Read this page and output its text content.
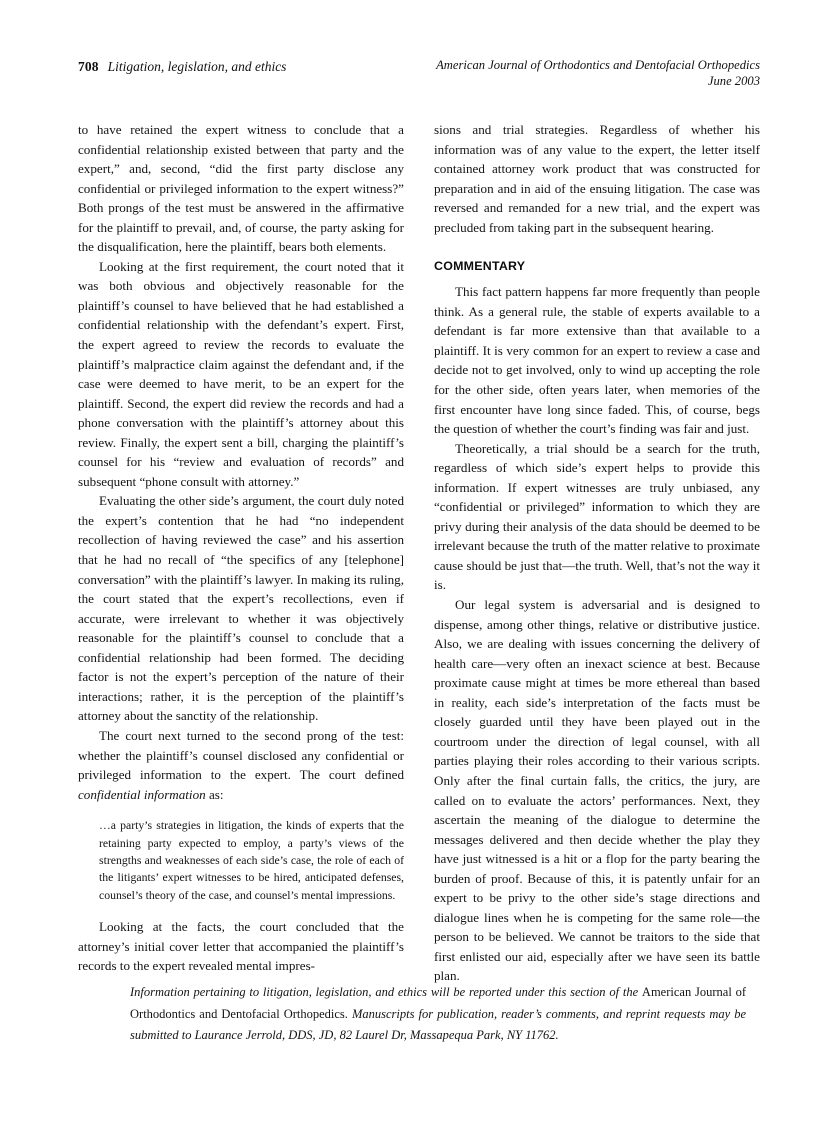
708 Litigation, legislation, and ethics	American Journal of Orthodontics and Dentofacial Orthopedics
June 2003

to have retained the expert witness to conclude that a confidential relationship existed between that party and the expert,” and, second, “did the first party disclose any confidential or privileged information to the expert witness?” Both prongs of the test must be answered in the affirmative for the plaintiff to prevail, and, of course, the party asking for the disqualification, here the plaintiff, bears both elements.

Looking at the first requirement, the court noted that it was both obvious and objectively reasonable for the plaintiff’s counsel to have believed that he had established a confidential relationship with the defendant’s expert. First, the expert agreed to review the records to evaluate the plaintiff’s malpractice claim against the defendant and, if the case were deemed to have merit, to be an expert for the plaintiff. Second, the expert did review the records and had a phone conversation with the plaintiff’s attorney about this review. Finally, the expert sent a bill, charging the plaintiff’s counsel for his “review and evaluation of records” and subsequent “phone consult with attorney.”

Evaluating the other side’s argument, the court duly noted the expert’s contention that he had “no independent recollection of having reviewed the case” and his assertion that he had no recall of “the specifics of any [telephone] conversation” with the plaintiff’s lawyer. In making its ruling, the court stated that the expert’s recollections, even if accurate, were irrelevant to whether it was objectively reasonable for the plaintiff’s counsel to conclude that a confidential relationship had been formed. The deciding factor is not the expert’s perception of the nature of their interactions; rather, it is the perception of the plaintiff’s attorney about the sanctity of the relationship.

The court next turned to the second prong of the test: whether the plaintiff’s counsel disclosed any confidential or privileged information to the expert. The court defined confidential information as:

…a party’s strategies in litigation, the kinds of experts that the retaining party expected to employ, a party’s views of the strengths and weaknesses of each side’s case, the role of each of the litigants’ expert witnesses to be hired, anticipated defenses, counsel’s theory of the case, and counsel’s mental impressions.

Looking at the facts, the court concluded that the attorney’s initial cover letter that accompanied the plaintiff’s records to the expert revealed mental impres-

sions and trial strategies. Regardless of whether his information was of any value to the expert, the letter itself contained attorney work product that was constructed for preparation and in aid of the ensuing litigation. The case was reversed and remanded for a new trial, and the expert was precluded from taking part in the subsequent hearing.

COMMENTARY

This fact pattern happens far more frequently than people think. As a general rule, the stable of experts available to a defendant is far more extensive than that available to a plaintiff. It is very common for an expert to review a case and decide not to get involved, only to wind up accepting the role for the other side, often years later, when memories of the first encounter have long since faded. This, of course, begs the question of whether the court’s finding was fair and just.

Theoretically, a trial should be a search for the truth, regardless of which side’s expert helps to provide this information. If expert witnesses are truly unbiased, any “confidential or privileged” information to which they are privy during their analysis of the data should be deemed to be irrelevant because the truth of the matter relative to proximate cause should be just that—the truth. Well, that’s not the way it is.

Our legal system is adversarial and is designed to dispense, among other things, relative or distributive justice. Also, we are dealing with issues concerning the delivery of health care—very often an inexact science at best. Because proximate cause might at times be more ethereal than based in reality, each side’s interpretation of the facts must be closely guarded until they have been played out in the courtroom under the direction of legal counsel, with all parties playing their roles according to their various scripts. Only after the final curtain falls, the critics, the jury, are called on to evaluate the actors’ performances. Next, they ascertain the meaning of the dialogue to determine the messages delivered and then decide whether the play they have just witnessed is a hit or a flop for the party bearing the burden of proof. Because of this, it is patently unfair for an expert to be privy to the other side’s stage directions and dialogue lines when he is competing for the same role—the person to be believed. We cannot be traitors to the side that first enlisted our aid, especially after we have seen its battle plan.

Information pertaining to litigation, legislation, and ethics will be reported under this section of the American Journal of Orthodontics and Dentofacial Orthopedics. Manuscripts for publication, reader’s comments, and reprint requests may be submitted to Laurance Jerrold, DDS, JD, 82 Laurel Dr, Massapequa Park, NY 11762.
